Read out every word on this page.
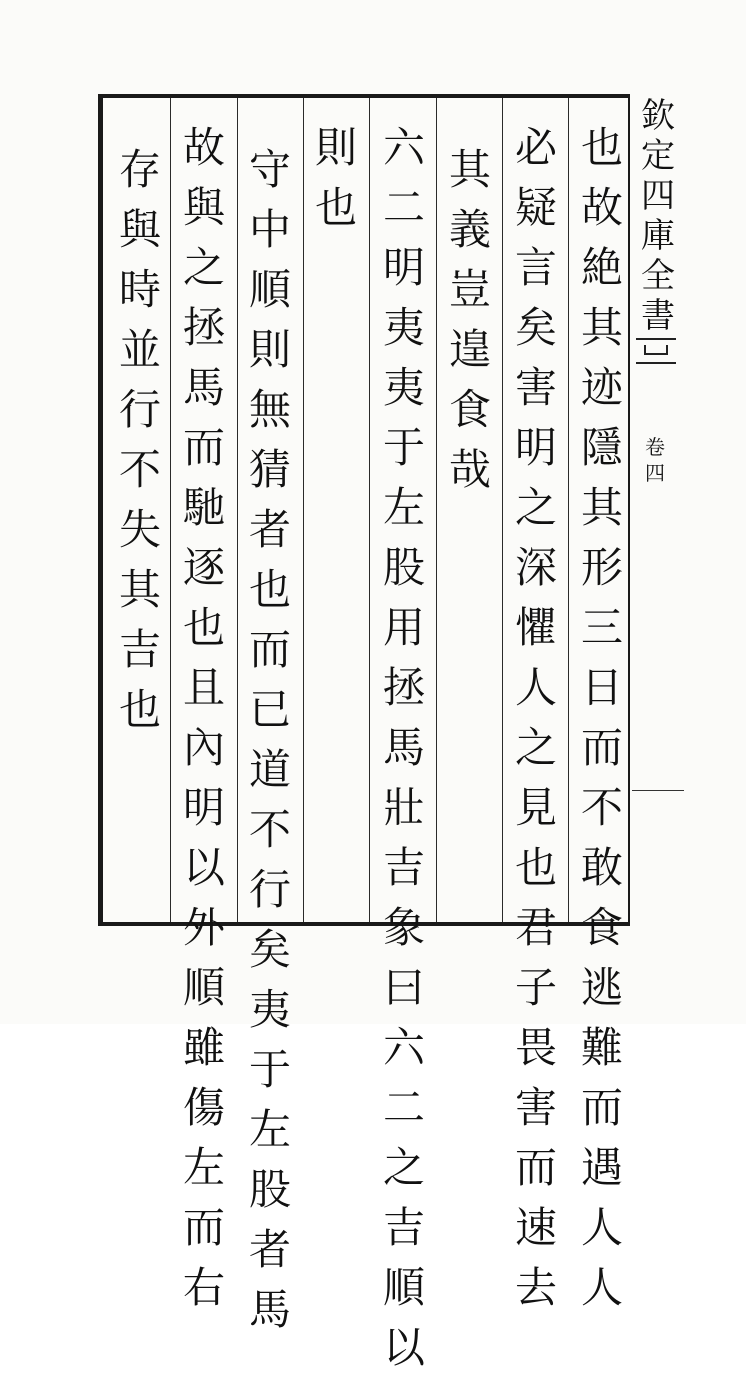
也
故
絶
其
迹
隱
其
形
三
日
而
不
敢
食
逃
難
而
遇
人
人
必
疑
言
矣
害
明
之
深
懼
人
之
見
也
君
子
畏
害
而
速
去
其
義
豈
遑
食
哉
六
二
明
夷
夷
于
左
股
用
拯
馬
壯
吉
象
曰
六
二
之
吉
順
以
則
也
守
中
順
則
無
猜
者
也
而
已
道
不
行
矣
夷
于
左
股
者
馬
故
與
之
拯
馬
而
馳
逐
也
且
內
明
以
外
順
雖
傷
左
而
右
存
與
時
並
行
不
失
其
吉
也
欽
定
四
庫
全
書
卷
四
